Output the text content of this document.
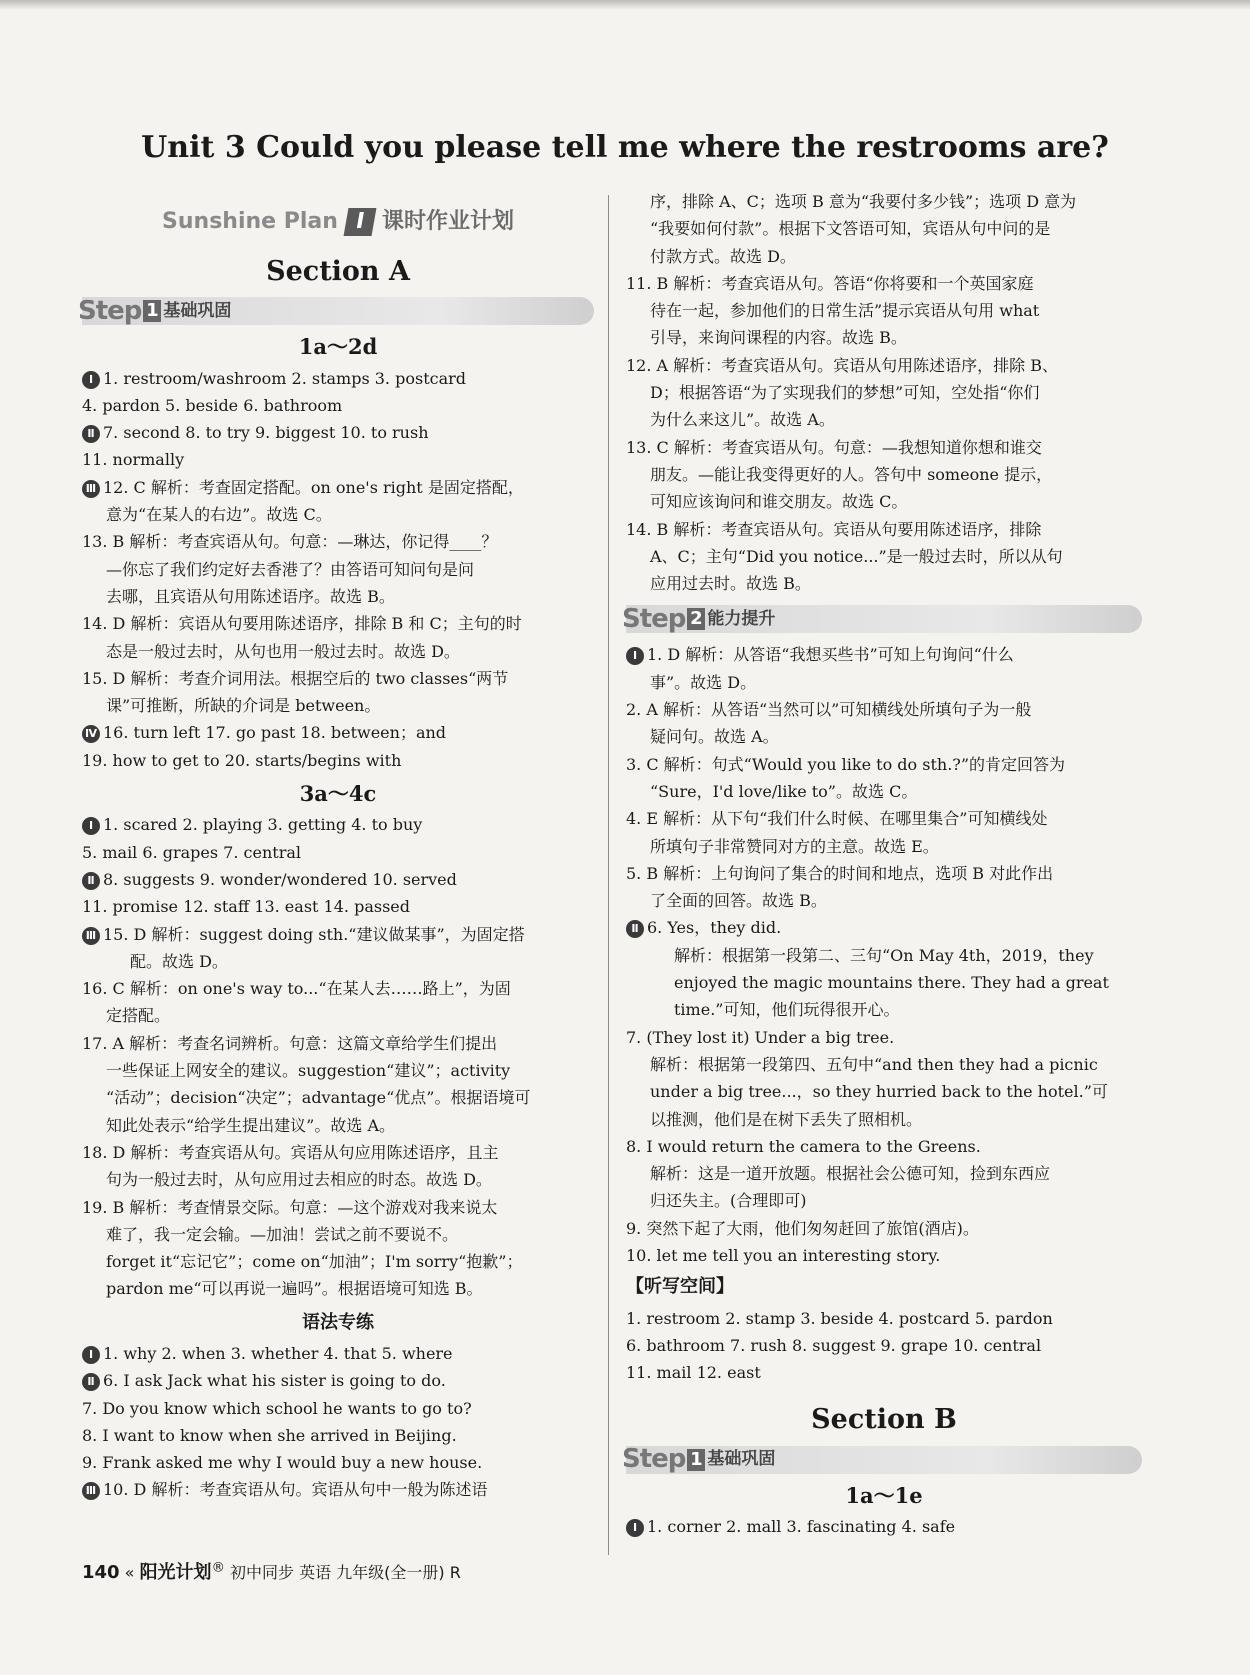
Unit 3 Could you please tell me where the restrooms are?
Sunshine Plan I 课时作业计划
Section A
Step 1 基础巩固
1a～2d
Ⅰ 1. restroom/washroom 2. stamps 3. postcard
4. pardon 5. beside 6. bathroom
Ⅱ 7. second 8. to try 9. biggest 10. to rush
11. normally
Ⅲ 12. C 解析：考查固定搭配。on one's right 是固定搭配，
意为“在某人的右边”。故选 C。
13. B 解析：考查宾语从句。句意：—琳达，你记得____？
—你忘了我们约定好去香港了？由答语可知问句是问
去哪，且宾语从句用陈述语序。故选 B。
14. D 解析：宾语从句要用陈述语序，排除 B 和 C；主句的时
态是一般过去时，从句也用一般过去时。故选 D。
15. D 解析：考查介词用法。根据空后的 two classes“两节
课”可推断，所缺的介词是 between。
Ⅳ 16. turn left 17. go past 18. between；and
19. how to get to 20. starts/begins with
3a～4c
Ⅰ 1. scared 2. playing 3. getting 4. to buy
5. mail 6. grapes 7. central
Ⅱ 8. suggests 9. wonder/wondered 10. served
11. promise 12. staff 13. east 14. passed
Ⅲ 15. D 解析：suggest doing sth.“建议做某事”，为固定搭
配。故选 D。
16. C 解析：on one's way to...“在某人去……路上”，为固
定搭配。
17. A 解析：考查名词辨析。句意：这篇文章给学生们提出
一些保证上网安全的建议。suggestion“建议”；activity
“活动”；decision“决定”；advantage“优点”。根据语境可
知此处表示“给学生提出建议”。故选 A。
18. D 解析：考查宾语从句。宾语从句应用陈述语序，且主
句为一般过去时，从句应用过去相应的时态。故选 D。
19. B 解析：考查情景交际。句意：—这个游戏对我来说太
难了，我一定会输。—加油！尝试之前不要说不。
forget it“忘记它”；come on“加油”；I'm sorry“抱歉”；
pardon me“可以再说一遍吗”。根据语境可知选 B。
语法专练
Ⅰ 1. why 2. when 3. whether 4. that 5. where
Ⅱ 6. I ask Jack what his sister is going to do.
7. Do you know which school he wants to go to?
8. I want to know when she arrived in Beijing.
9. Frank asked me why I would buy a new house.
Ⅲ 10. D 解析：考查宾语从句。宾语从句中一般为陈述语
序，排除 A、C；选项 B 意为“我要付多少钱”；选项 D 意为
“我要如何付款”。根据下文答语可知，宾语从句中问的是
付款方式。故选 D。
11. B 解析：考查宾语从句。答语“你将要和一个英国家庭
待在一起，参加他们的日常生活”提示宾语从句用 what
引导，来询问课程的内容。故选 B。
12. A 解析：考查宾语从句。宾语从句用陈述语序，排除 B、
D；根据答语“为了实现我们的梦想”可知，空处指“你们
为什么来这儿”。故选 A。
13. C 解析：考查宾语从句。句意：—我想知道你想和谁交
朋友。—能让我变得更好的人。答句中 someone 提示，
可知应该询问和谁交朋友。故选 C。
14. B 解析：考查宾语从句。宾语从句要用陈述语序，排除
A、C；主句“Did you notice...”是一般过去时，所以从句
应用过去时。故选 B。
Step 2 能力提升
Ⅰ 1. D 解析：从答语“我想买些书”可知上句询问“什么
事”。故选 D。
2. A 解析：从答语“当然可以”可知横线处所填句子为一般
疑问句。故选 A。
3. C 解析：句式“Would you like to do sth.?”的肯定回答为
“Sure，I'd love/like to”。故选 C。
4. E 解析：从下句“我们什么时候、在哪里集合”可知横线处
所填句子非常赞同对方的主意。故选 E。
5. B 解析：上句询问了集合的时间和地点，选项 B 对此作出
了全面的回答。故选 B。
Ⅱ 6. Yes，they did.
解析：根据第一段第二、三句“On May 4th，2019，they
enjoyed the magic mountains there. They had a great
time.”可知，他们玩得很开心。
7. (They lost it) Under a big tree.
解析：根据第一段第四、五句中“and then they had a picnic
under a big tree...，so they hurried back to the hotel.”可
以推测，他们是在树下丢失了照相机。
8. I would return the camera to the Greens.
解析：这是一道开放题。根据社会公德可知，捡到东西应
归还失主。(合理即可)
9. 突然下起了大雨，他们匆匆赶回了旅馆(酒店)。
10. let me tell you an interesting story.
【听写空间】
1. restroom 2. stamp 3. beside 4. postcard 5. pardon
6. bathroom 7. rush 8. suggest 9. grape 10. central
11. mail 12. east
Section B
Step 1 基础巩固
1a～1e
Ⅰ 1. corner 2. mall 3. fascinating 4. safe
140 « 阳光计划® 初中同步 英语 九年级(全一册) R
